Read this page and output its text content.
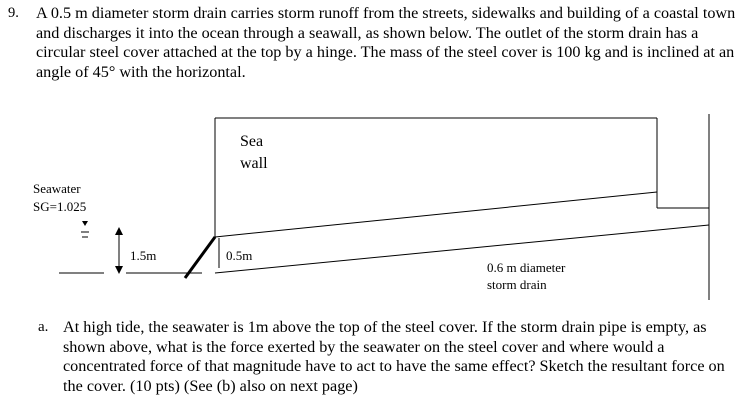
9. A 0.5 m diameter storm drain carries storm runoff from the streets, sidewalks and building of a coastal town and discharges it into the ocean through a seawall, as shown below. The outlet of the storm drain has a circular steel cover attached at the top by a hinge. The mass of the steel cover is 100 kg and is inclined at an angle of 45° with the horizontal.
Sea
wall
Seawater
SG=1.025
1.5m	0.5m
0.6 m diameter
storm drain
a. At high tide, the seawater is 1m above the top of the steel cover. If the storm drain pipe is empty, as shown above, what is the force exerted by the seawater on the steel cover and where would a concentrated force of that magnitude have to act to have the same effect? Sketch the resultant force on the cover. (10 pts) (See (b) also on next page)
